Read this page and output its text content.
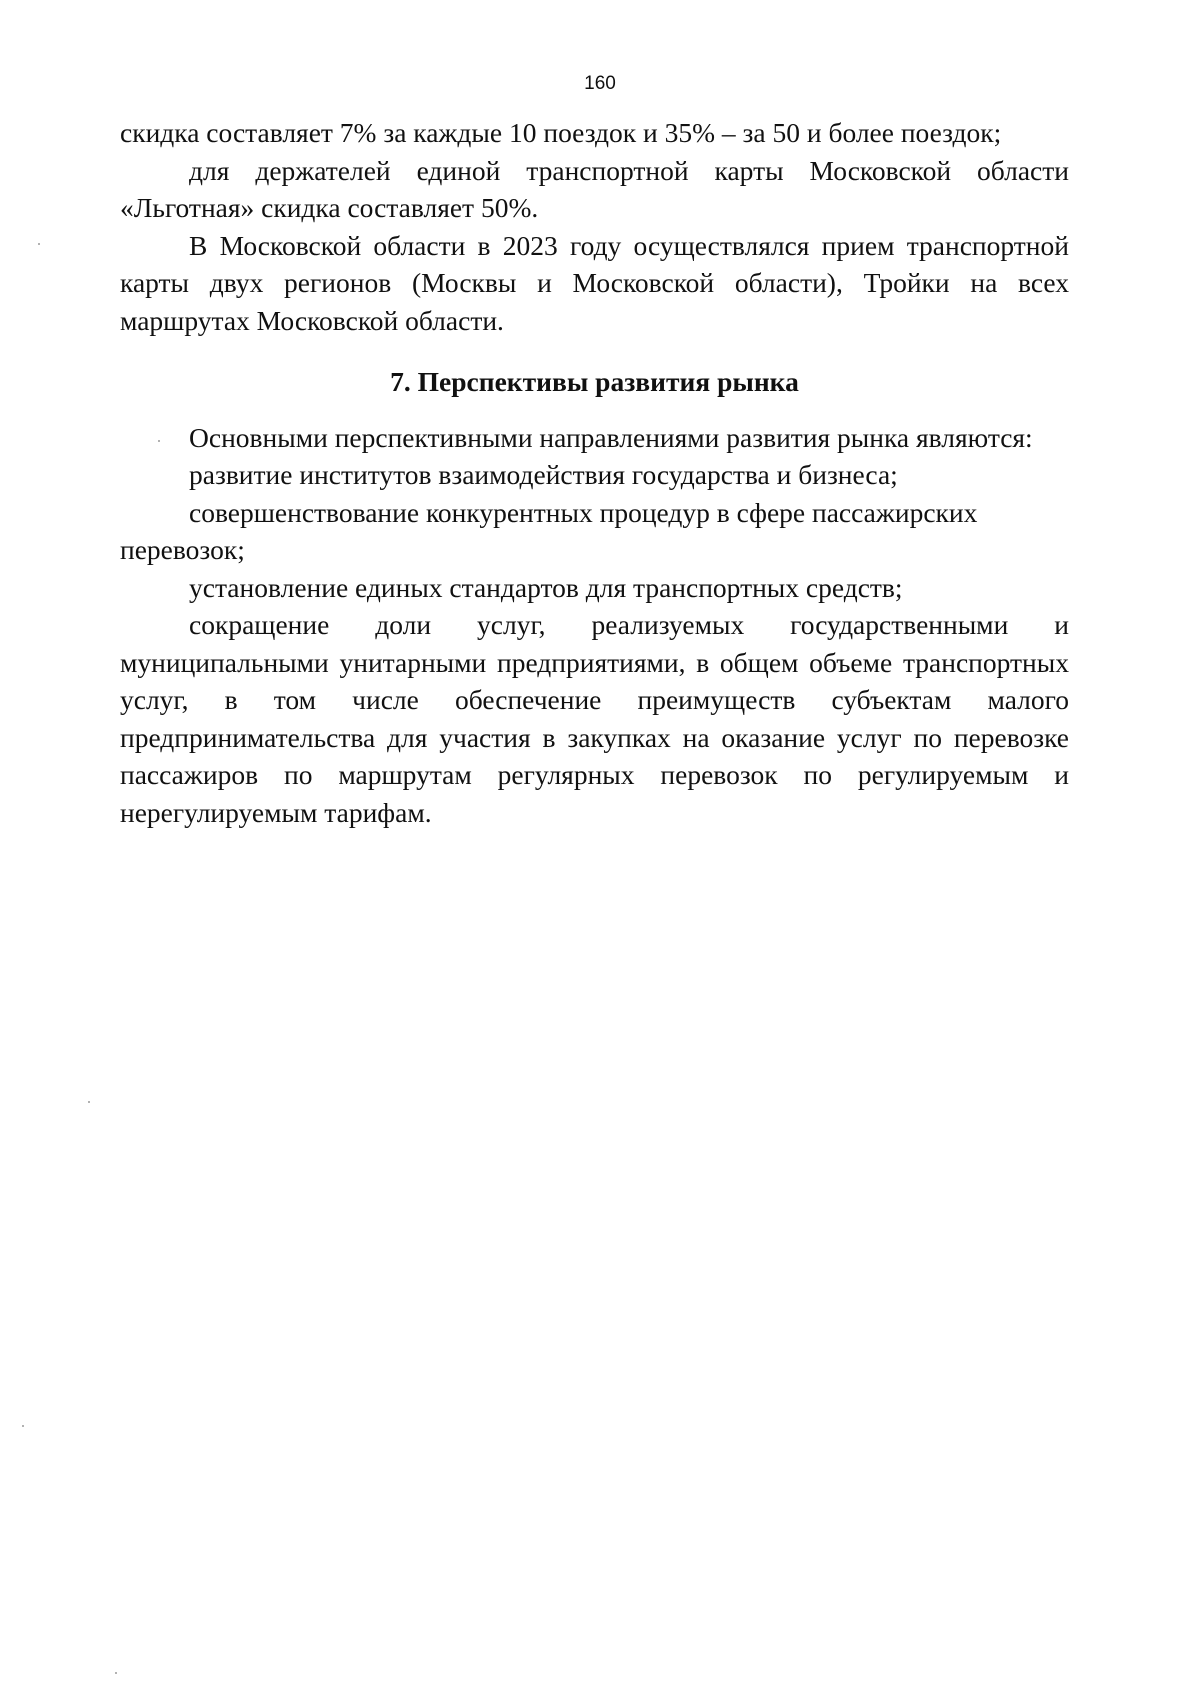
160

скидка составляет 7% за каждые 10 поездок и 35% – за 50 и более поездок;

для держателей единой транспортной карты Московской области «Льготная» скидка составляет 50%.

В Московской области в 2023 году осуществлялся прием транспортной карты двух регионов (Москвы и Московской области), Тройки на всех маршрутах Московской области.

7. Перспективы развития рынка

Основными перспективными направлениями развития рынка являются:

развитие институтов взаимодействия государства и бизнеса;

совершенствование конкурентных процедур в сфере пассажирских перевозок;

установление единых стандартов для транспортных средств;

сокращение доли услуг, реализуемых государственными и муниципальными унитарными предприятиями, в общем объеме транспортных услуг, в том числе обеспечение преимуществ субъектам малого предпринимательства для участия в закупках на оказание услуг по перевозке пассажиров по маршрутам регулярных перевозок по регулируемым и нерегулируемым тарифам.
